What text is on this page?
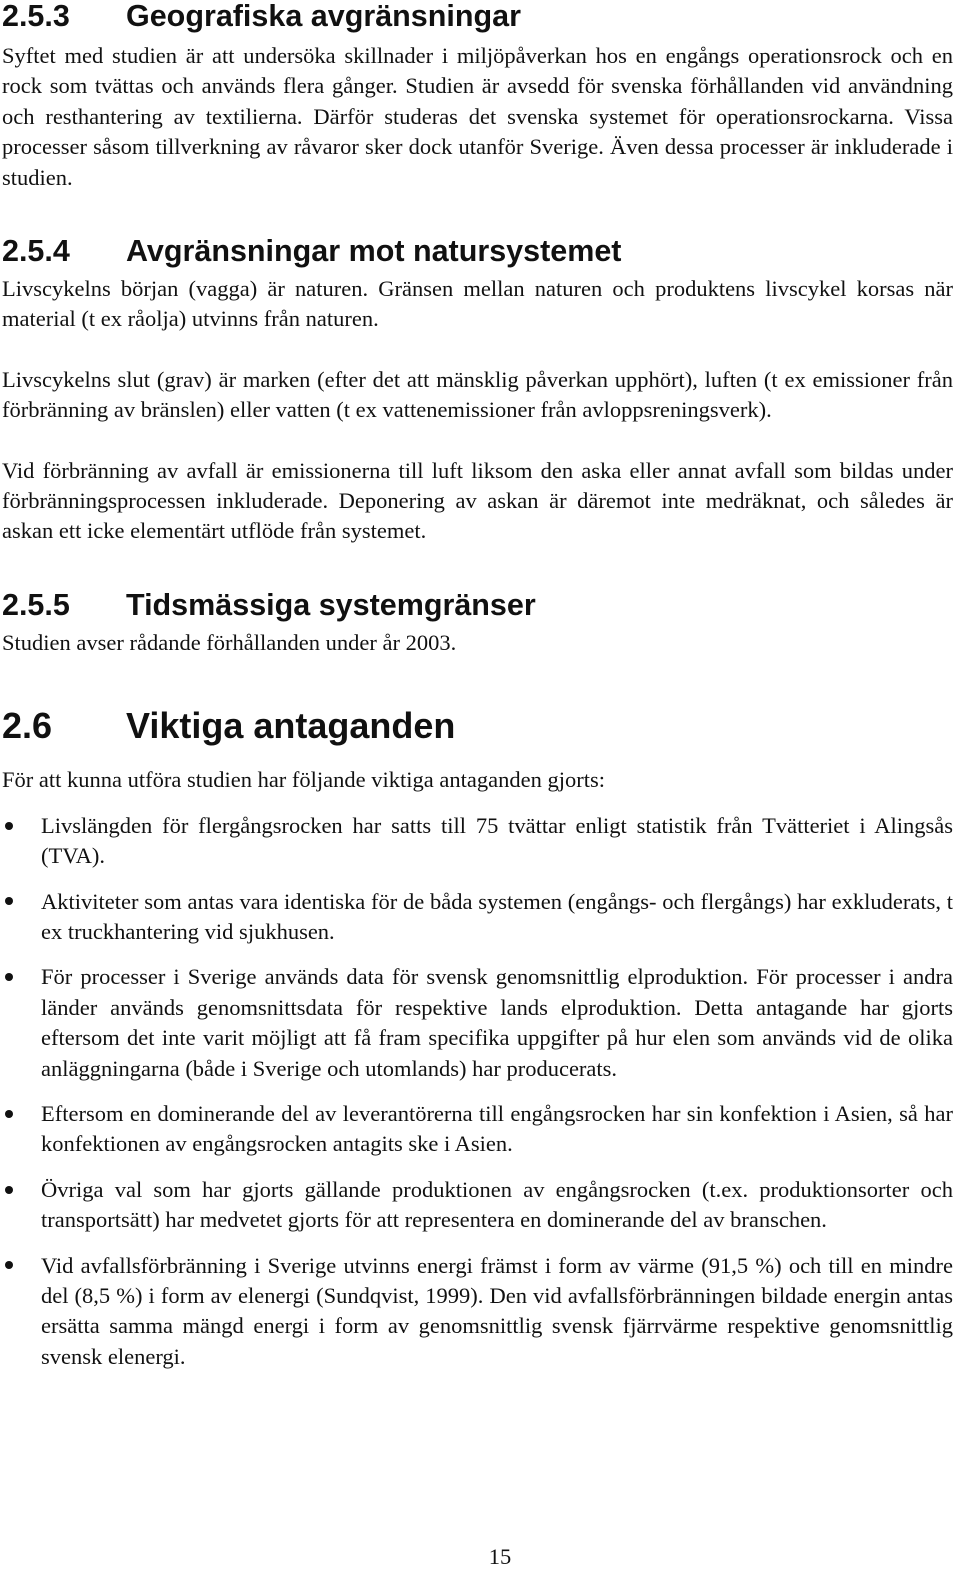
2.5.3	Geografiska avgränsningar

Syftet med studien är att undersöka skillnader i miljöpåverkan hos en engångs operationsrock och en rock som tvättas och används flera gånger. Studien är avsedd för svenska förhållanden vid användning och resthantering av textilierna. Därför studeras det svenska systemet för operationsrockarna. Vissa processer såsom tillverkning av råvaror sker dock utanför Sverige. Även dessa processer är inkluderade i studien.

2.5.4	Avgränsningar mot natursystemet

Livscykelns början (vagga) är naturen. Gränsen mellan naturen och produktens livscykel korsas när material (t ex råolja) utvinns från naturen.

Livscykelns slut (grav) är marken (efter det att mänsklig påverkan upphört), luften (t ex emissioner från förbränning av bränslen) eller vatten (t ex vattenemissioner från avloppsreningsverk).

Vid förbränning av avfall är emissionerna till luft liksom den aska eller annat avfall som bildas under förbränningsprocessen inkluderade. Deponering av askan är däremot inte medräknat, och således är askan ett icke elementärt utflöde från systemet.

2.5.5	Tidsmässiga systemgränser

Studien avser rådande förhållanden under år 2003.

2.6	Viktiga antaganden

För att kunna utföra studien har följande viktiga antaganden gjorts:

Livslängden för flergångsrocken har satts till 75 tvättar enligt statistik från Tvätteriet i Alingsås (TVA).
Aktiviteter som antas vara identiska för de båda systemen (engångs- och flergångs) har exkluderats, t ex truckhantering vid sjukhusen.
För processer i Sverige används data för svensk genomsnittlig elproduktion. För processer i andra länder används genomsnittsdata för respektive lands elproduktion. Detta antagande har gjorts eftersom det inte varit möjligt att få fram specifika uppgifter på hur elen som används vid de olika anläggningarna (både i Sverige och utomlands) har producerats.
Eftersom en dominerande del av leverantörerna till engångsrocken har sin konfektion i Asien, så har konfektionen av engångsrocken antagits ske i Asien.
Övriga val som har gjorts gällande produktionen av engångsrocken (t.ex. produktionsorter och transportsätt) har medvetet gjorts för att representera en dominerande del av branschen.
Vid avfallsförbränning i Sverige utvinns energi främst i form av värme (91,5 %) och till en mindre del (8,5 %) i form av elenergi (Sundqvist, 1999). Den vid avfallsförbränningen bildade energin antas ersätta samma mängd energi i form av genomsnittlig svensk fjärrvärme respektive genomsnittlig svensk elenergi.
15
